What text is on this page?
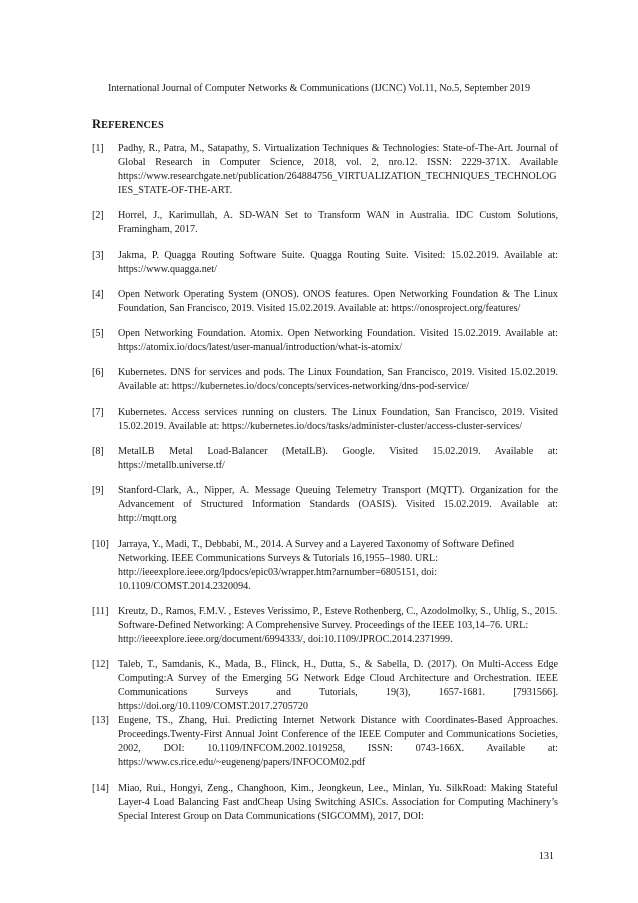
International Journal of Computer Networks & Communications (IJCNC) Vol.11, No.5, September 2019
REFERENCES
[1]	Padhy, R., Patra, M., Satapathy, S. Virtualization Techniques & Technologies: State-of-The-Art. Journal of Global Research in Computer Science, 2018, vol. 2, nro.12. ISSN: 2229-371X. Available https://www.researchgate.net/publication/264884756_VIRTUALIZATION_TECHNIQUES_TECHNOLOGIES_STATE-OF-THE-ART.
[2]	Horrel, J., Karimullah, A. SD-WAN Set to Transform WAN in Australia. IDC Custom Solutions, Framingham, 2017.
[3]	Jakma, P. Quagga Routing Software Suite. Quagga Routing Suite. Visited: 15.02.2019. Available at: https://www.quagga.net/
[4]	Open Network Operating System (ONOS). ONOS features. Open Networking Foundation & The Linux Foundation, San Francisco, 2019. Visited 15.02.2019. Available at: https://onosproject.org/features/
[5]	Open Networking Foundation. Atomix. Open Networking Foundation. Visited 15.02.2019. Available at: https://atomix.io/docs/latest/user-manual/introduction/what-is-atomix/
[6]	Kubernetes. DNS for services and pods. The Linux Foundation, San Francisco, 2019. Visited 15.02.2019. Available at: https://kubernetes.io/docs/concepts/services-networking/dns-pod-service/
[7]	Kubernetes. Access services running on clusters. The Linux Foundation, San Francisco, 2019. Visited 15.02.2019. Available at: https://kubernetes.io/docs/tasks/administer-cluster/access-cluster-services/
[8]	MetalLB Metal Load-Balancer (MetalLB). Google. Visited 15.02.2019. Available at: https://metallb.universe.tf/
[9]	Stanford-Clark, A., Nipper, A. Message Queuing Telemetry Transport (MQTT). Organization for the Advancement of Structured Information Standards (OASIS). Visited 15.02.2019. Available at: http://mqtt.org
[10] Jarraya, Y., Madi, T., Debbabi, M., 2014. A Survey and a Layered Taxonomy of Software Defined Networking. IEEE Communications Surveys & Tutorials 16,1955–1980. URL: http://ieeexplore.ieee.org/lpdocs/epic03/wrapper.htm?arnumber=6805151, doi: 10.1109/COMST.2014.2320094.
[11] Kreutz, D., Ramos, F.M.V. , Esteves Verissimo, P., Esteve Rothenberg, C., Azodolmolky, S., Uhlig, S., 2015. Software-Defined Networking: A Comprehensive Survey. Proceedings of the IEEE 103,14–76. URL: http://ieeexplore.ieee.org/document/6994333/, doi:10.1109/JPROC.2014.2371999.
[12] Taleb, T., Samdanis, K., Mada, B., Flinck, H., Dutta, S., & Sabella, D. (2017). On Multi-Access Edge Computing:A Survey of the Emerging 5G Network Edge Cloud Architecture and Orchestration. IEEE Communications Surveys and Tutorials, 19(3), 1657-1681. [7931566]. https://doi.org/10.1109/COMST.2017.2705720
[13] Eugene, TS., Zhang, Hui. Predicting Internet Network Distance with Coordinates-Based Approaches. Proceedings.Twenty-First Annual Joint Conference of the IEEE Computer and Communications Societies, 2002, DOI: 10.1109/INFCOM.2002.1019258, ISSN: 0743-166X. Available at: https://www.cs.rice.edu/~eugeneng/papers/INFOCOM02.pdf
[14] Miao, Rui., Hongyi, Zeng., Changhoon, Kim., Jeongkeun, Lee., Minlan, Yu. SilkRoad: Making Stateful Layer-4 Load Balancing Fast andCheap Using Switching ASICs. Association for Computing Machinery’s Special Interest Group on Data Communications (SIGCOMM), 2017, DOI:
131
